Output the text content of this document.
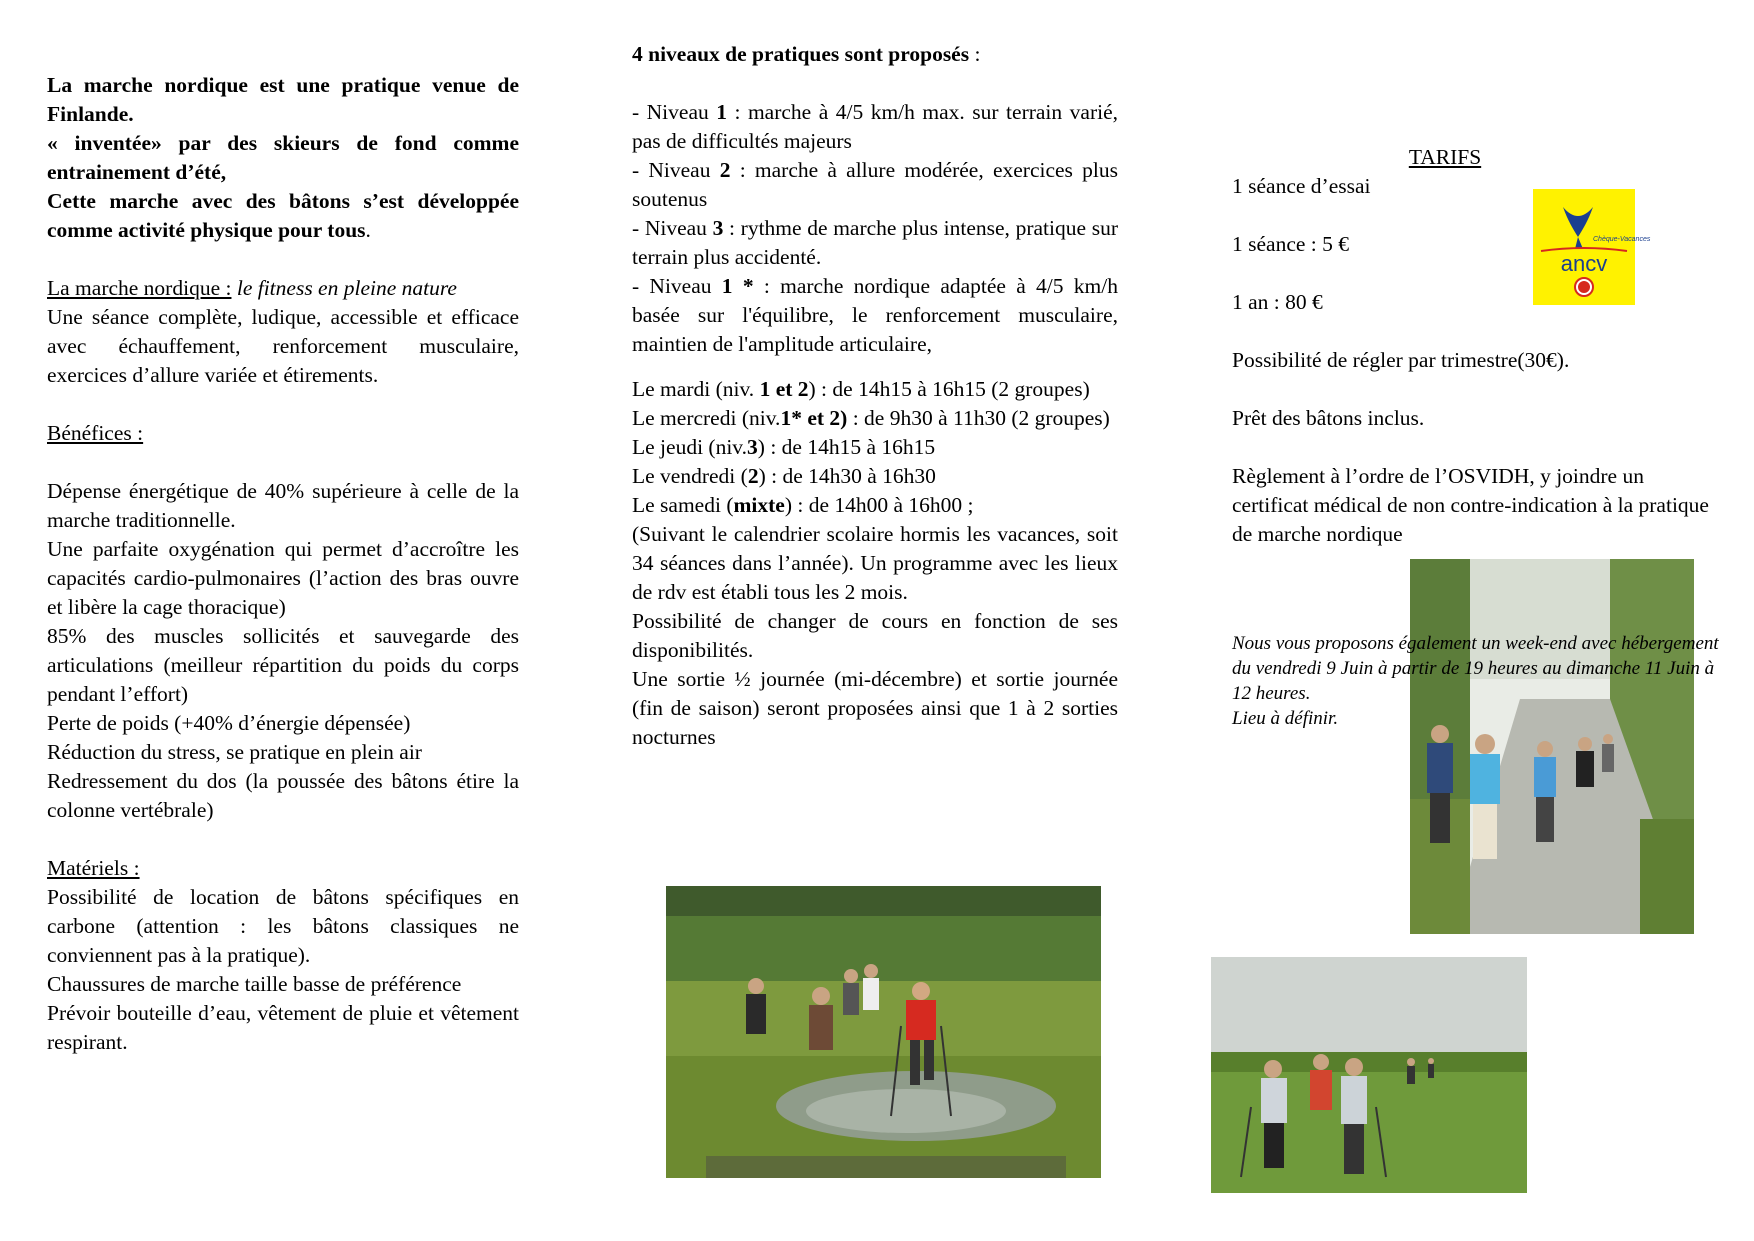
La marche nordique est une pratique venue de Finlande.

« inventée» par des skieurs de fond comme entrainement d’été,

Cette marche avec des bâtons s’est développée comme activité physique pour tous.

La marche nordique : le fitness en pleine nature

Une séance complète, ludique, accessible et efficace avec échauffement, renforcement musculaire, exercices d’allure variée et étirements.

Bénéfices :

Dépense énergétique de 40% supérieure à celle de la marche traditionnelle.

Une parfaite oxygénation qui permet d’accroître les capacités cardio-pulmonaires (l’action des bras ouvre et libère la cage thoracique)

85% des muscles sollicités et sauvegarde des articulations (meilleur répartition du poids du corps pendant l’effort)

Perte de poids (+40% d’énergie dépensée)

Réduction du stress, se pratique en plein air

Redressement du dos (la poussée des bâtons étire la colonne vertébrale)

Matériels :

Possibilité de location de bâtons spécifiques en carbone (attention : les bâtons classiques ne conviennent pas à la pratique).

Chaussures de marche taille basse de préférence

Prévoir bouteille d’eau, vêtement de pluie et vêtement respirant.

4 niveaux de pratiques sont proposés :

- Niveau 1 : marche à 4/5 km/h max. sur terrain varié, pas de difficultés majeurs

- Niveau 2 : marche à allure modérée, exercices plus soutenus

- Niveau 3 : rythme de marche plus intense, pratique sur terrain plus accidenté.

- Niveau 1 * : marche nordique adaptée à 4/5 km/h basée sur l'équilibre, le renforcement musculaire, maintien de l'amplitude articulaire,

Le mardi (niv. 1 et 2) : de 14h15 à 16h15 (2 groupes)

Le mercredi (niv.1* et 2) : de 9h30 à 11h30 (2 groupes)

Le jeudi (niv.3) : de 14h15 à 16h15

Le vendredi (2) : de 14h30 à 16h30

Le samedi (mixte) : de 14h00 à 16h00 ;

(Suivant le calendrier scolaire hormis les vacances, soit 34 séances dans l’année). Un programme avec les lieux de rdv est établi tous les 2 mois.

Possibilité de changer de cours en fonction de ses disponibilités.

Une sortie ½ journée (mi-décembre) et sortie journée (fin de saison) seront proposées ainsi que 1 à 2 sorties nocturnes

TARIFS

1 séance d’essai

1 séance : 5 €

1 an : 80 €

Possibilité de régler par trimestre(30€).

Prêt des bâtons inclus.

Règlement à l’ordre de l’OSVIDH, y joindre un certificat médical de non contre-indication à la pratique de marche nordique

Chèque-Vacances
ancv

Nous vous proposons également un week-end avec hébergement du vendredi 9 Juin à partir de 19 heures au dimanche 11 Juin à 12 heures.

Lieu à définir.
